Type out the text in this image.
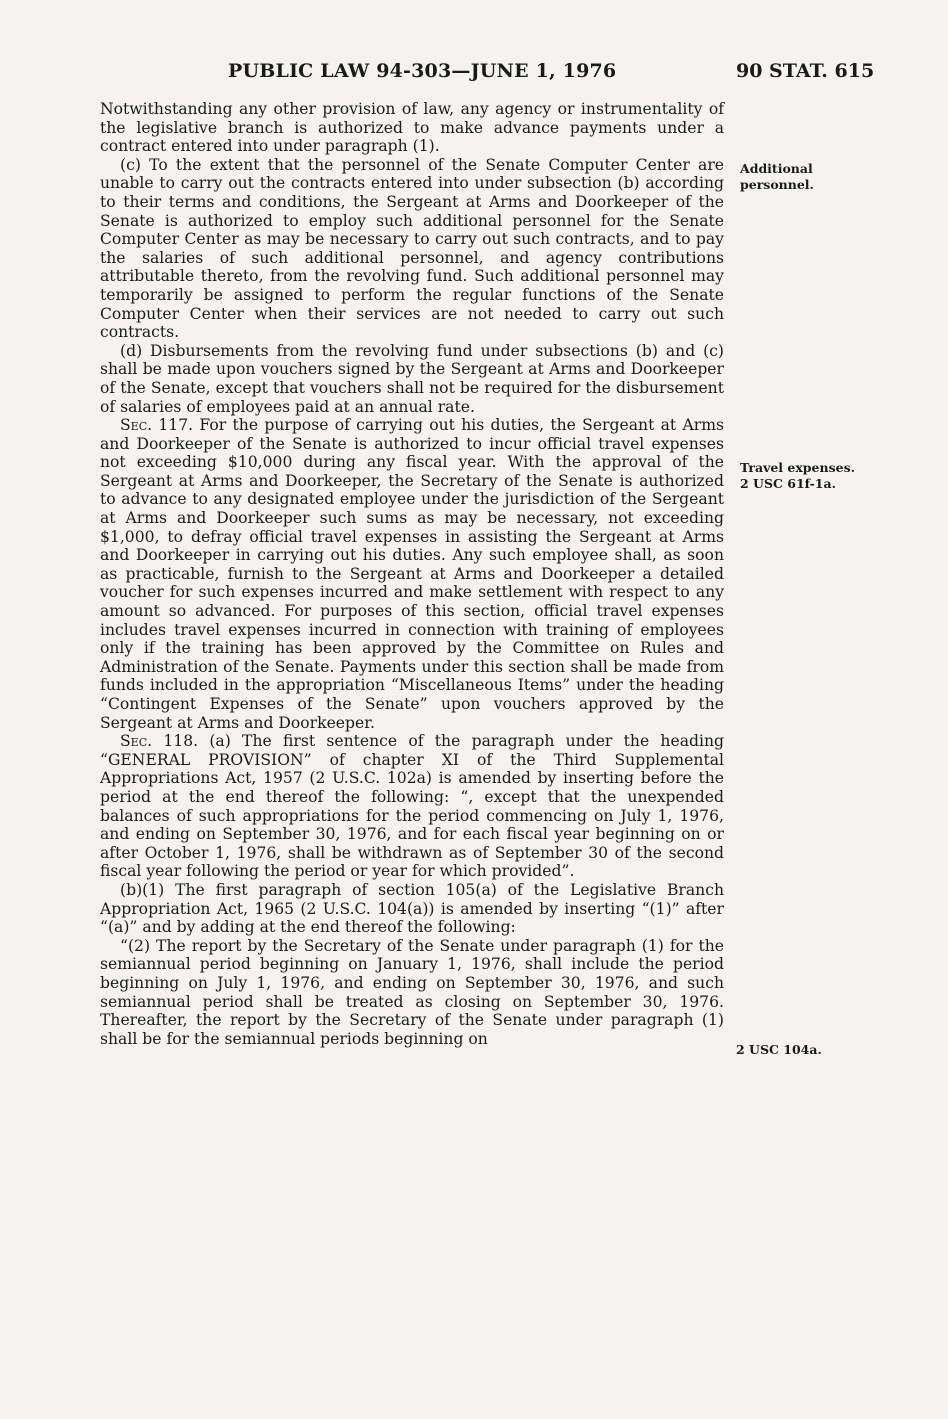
PUBLIC LAW 94-303—JUNE 1, 1976	90 STAT. 615

Notwithstanding any other provision of law, any agency or instrumentality of the legislative branch is authorized to make advance payments under a contract entered into under paragraph (1).

(c) To the extent that the personnel of the Senate Computer Center are unable to carry out the contracts entered into under subsection (b) according to their terms and conditions, the Sergeant at Arms and Doorkeeper of the Senate is authorized to employ such additional personnel for the Senate Computer Center as may be necessary to carry out such contracts, and to pay the salaries of such additional personnel, and agency contributions attributable thereto, from the revolving fund. Such additional personnel may temporarily be assigned to perform the regular functions of the Senate Computer Center when their services are not needed to carry out such contracts.

(d) Disbursements from the revolving fund under subsections (b) and (c) shall be made upon vouchers signed by the Sergeant at Arms and Doorkeeper of the Senate, except that vouchers shall not be required for the disbursement of salaries of employees paid at an annual rate.

Sec. 117. For the purpose of carrying out his duties, the Sergeant at Arms and Doorkeeper of the Senate is authorized to incur official travel expenses not exceeding $10,000 during any fiscal year. With the approval of the Sergeant at Arms and Doorkeeper, the Secretary of the Senate is authorized to advance to any designated employee under the jurisdiction of the Sergeant at Arms and Doorkeeper such sums as may be necessary, not exceeding $1,000, to defray official travel expenses in assisting the Sergeant at Arms and Doorkeeper in carrying out his duties. Any such employee shall, as soon as practicable, furnish to the Sergeant at Arms and Doorkeeper a detailed voucher for such expenses incurred and make settlement with respect to any amount so advanced. For purposes of this section, official travel expenses includes travel expenses incurred in connection with training of employees only if the training has been approved by the Committee on Rules and Administration of the Senate. Payments under this section shall be made from funds included in the appropriation “Miscellaneous Items” under the heading “Contingent Expenses of the Senate” upon vouchers approved by the Sergeant at Arms and Doorkeeper.

Sec. 118. (a) The first sentence of the paragraph under the heading “GENERAL PROVISION” of chapter XI of the Third Supplemental Appropriations Act, 1957 (2 U.S.C. 102a) is amended by inserting before the period at the end thereof the following: “, except that the unexpended balances of such appropriations for the period commencing on July 1, 1976, and ending on September 30, 1976, and for each fiscal year beginning on or after October 1, 1976, shall be withdrawn as of September 30 of the second fiscal year following the period or year for which provided”.

(b)(1) The first paragraph of section 105(a) of the Legislative Branch Appropriation Act, 1965 (2 U.S.C. 104(a)) is amended by inserting “(1)” after “(a)” and by adding at the end thereof the following:

“(2) The report by the Secretary of the Senate under paragraph (1) for the semiannual period beginning on January 1, 1976, shall include the period beginning on July 1, 1976, and ending on September 30, 1976, and such semiannual period shall be treated as closing on September 30, 1976. Thereafter, the report by the Secretary of the Senate under paragraph (1) shall be for the semiannual periods beginning on

Additional
personnel.
Travel expenses.
2 USC 61f-1a.
2 USC 104a.
